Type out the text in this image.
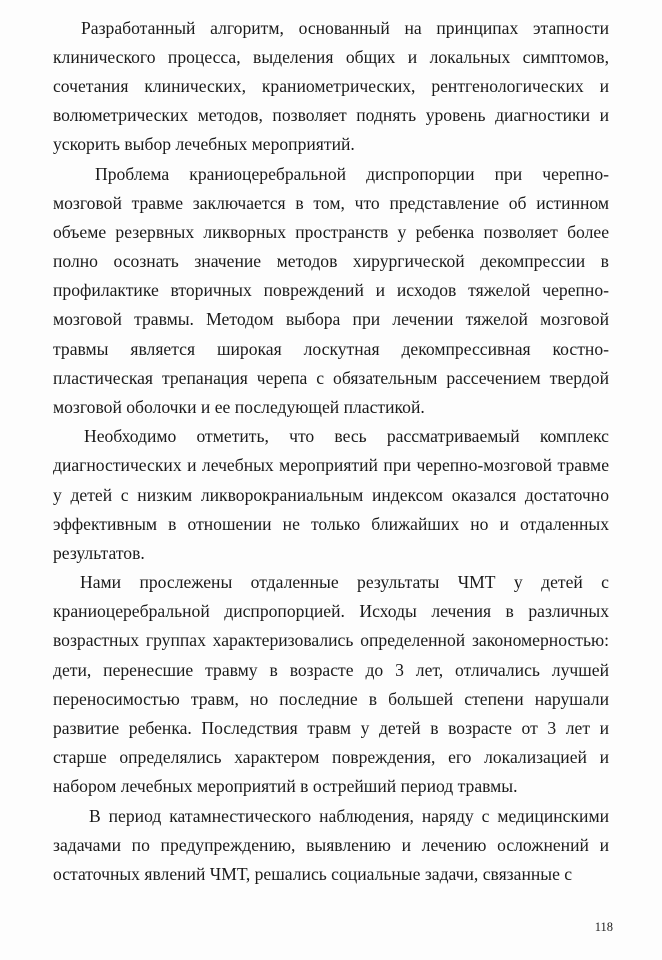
Разработанный алгоритм, основанный на принципах этапности клинического процесса, выделения общих и локальных симптомов, сочетания клинических, краниометрических, рентгенологических и волюметрических методов, позволяет поднять уровень диагностики и ускорить выбор лечебных мероприятий.

Проблема краниоцеребральной диспропорции при черепно-мозговой травме заключается в том, что представление об истинном объеме резервных ликворных пространств у ребенка позволяет более полно осознать значение методов хирургической декомпрессии в профилактике вторичных повреждений и исходов тяжелой черепно-мозговой травмы. Методом выбора при лечении тяжелой мозговой травмы является широкая лоскутная декомпрессивная костно-пластическая трепанация черепа с обязательным рассечением твердой мозговой оболочки и ее последующей пластикой.

Необходимо отметить, что весь рассматриваемый комплекс диагностических и лечебных мероприятий при черепно-мозговой травме у детей с низким ликворокраниальным индексом оказался достаточно эффективным в отношении не только ближайших но и отдаленных результатов.

Нами прослежены отдаленные результаты ЧМТ у детей с краниоцеребральной диспропорцией. Исходы лечения в различных возрастных группах характеризовались определенной закономерностью: дети, перенесшие травму в возрасте до 3 лет, отличались лучшей переносимостью травм, но последние в большей степени нарушали развитие ребенка. Последствия травм у детей в возрасте от 3 лет и старше определялись характером повреждения, его локализацией и набором лечебных мероприятий в острейший период травмы.

В период катамнестического наблюдения, наряду с медицинскими задачами по предупреждению, выявлению и лечению осложнений и остаточных явлений ЧМТ, решались социальные задачи, связанные с

118
